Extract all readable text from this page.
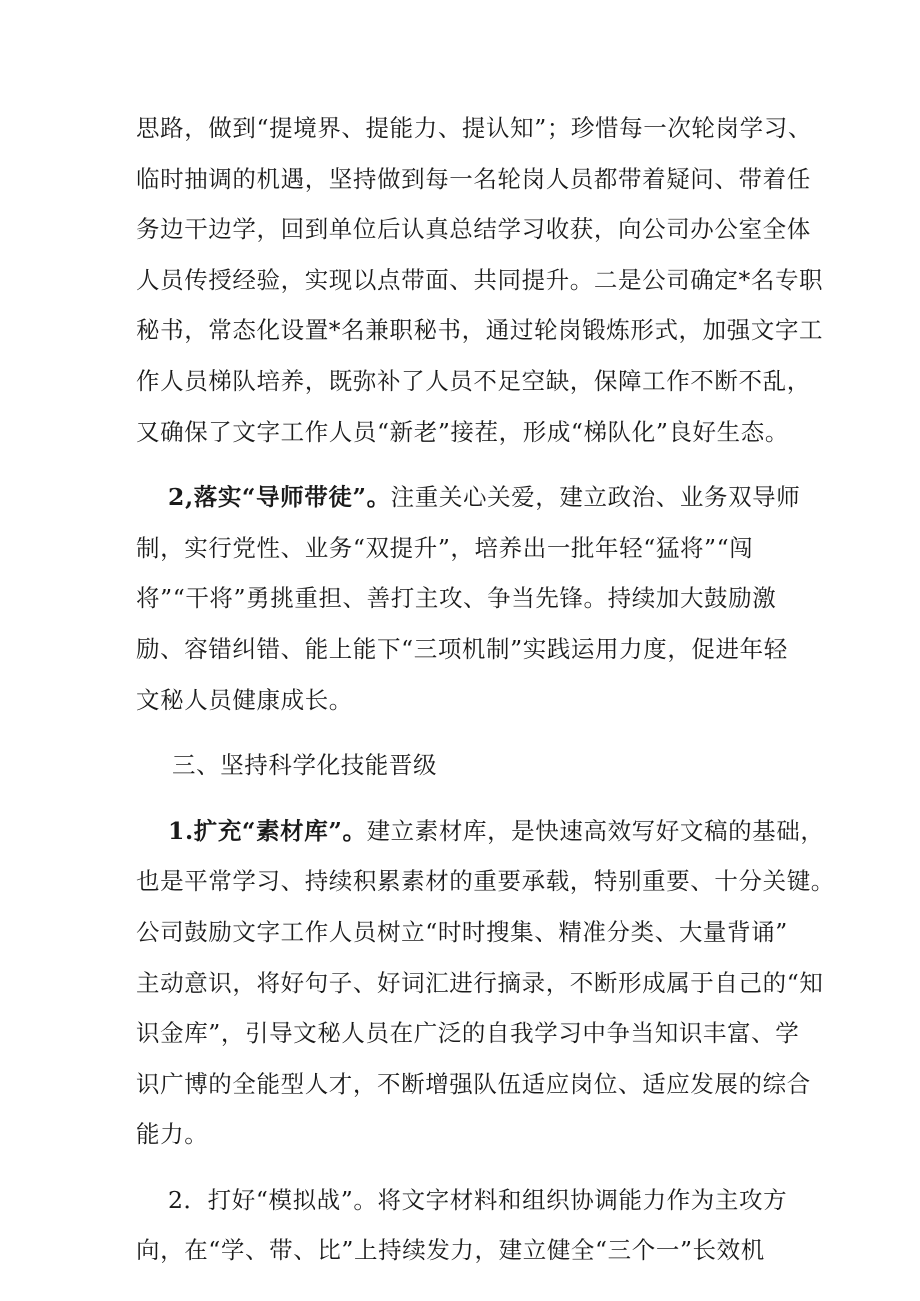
思路，做到“提境界、提能力、提认知”；珍惜每一次轮岗学习、
临时抽调的机遇，坚持做到每一名轮岗人员都带着疑问、带着任
务边干边学，回到单位后认真总结学习收获，向公司办公室全体
人员传授经验，实现以点带面、共同提升。二是公司确定*名专职
秘书，常态化设置*名兼职秘书，通过轮岗锻炼形式，加强文字工
作人员梯队培养，既弥补了人员不足空缺，保障工作不断不乱，
又确保了文字工作人员“新老”接茬，形成“梯队化”良好生态。
2,落实“导师带徒”。注重关心关爱，建立政治、业务双导师
制，实行党性、业务“双提升”，培养出一批年轻“猛将”“闯
将”“干将”勇挑重担、善打主攻、争当先锋。持续加大鼓励激
励、容错纠错、能上能下“三项机制”实践运用力度，促进年轻
文秘人员健康成长。
三、坚持科学化技能晋级
1.扩充“素材库”。建立素材库，是快速高效写好文稿的基础，
也是平常学习、持续积累素材的重要承载，特别重要、十分关键。
公司鼓励文字工作人员树立“时时搜集、精准分类、大量背诵”
主动意识，将好句子、好词汇进行摘录，不断形成属于自己的“知
识金库”，引导文秘人员在广泛的自我学习中争当知识丰富、学
识广博的全能型人才，不断增强队伍适应岗位、适应发展的综合
能力。
2．打好“模拟战”。将文字材料和组织协调能力作为主攻方
向，在“学、带、比”上持续发力，建立健全“三个一”长效机
